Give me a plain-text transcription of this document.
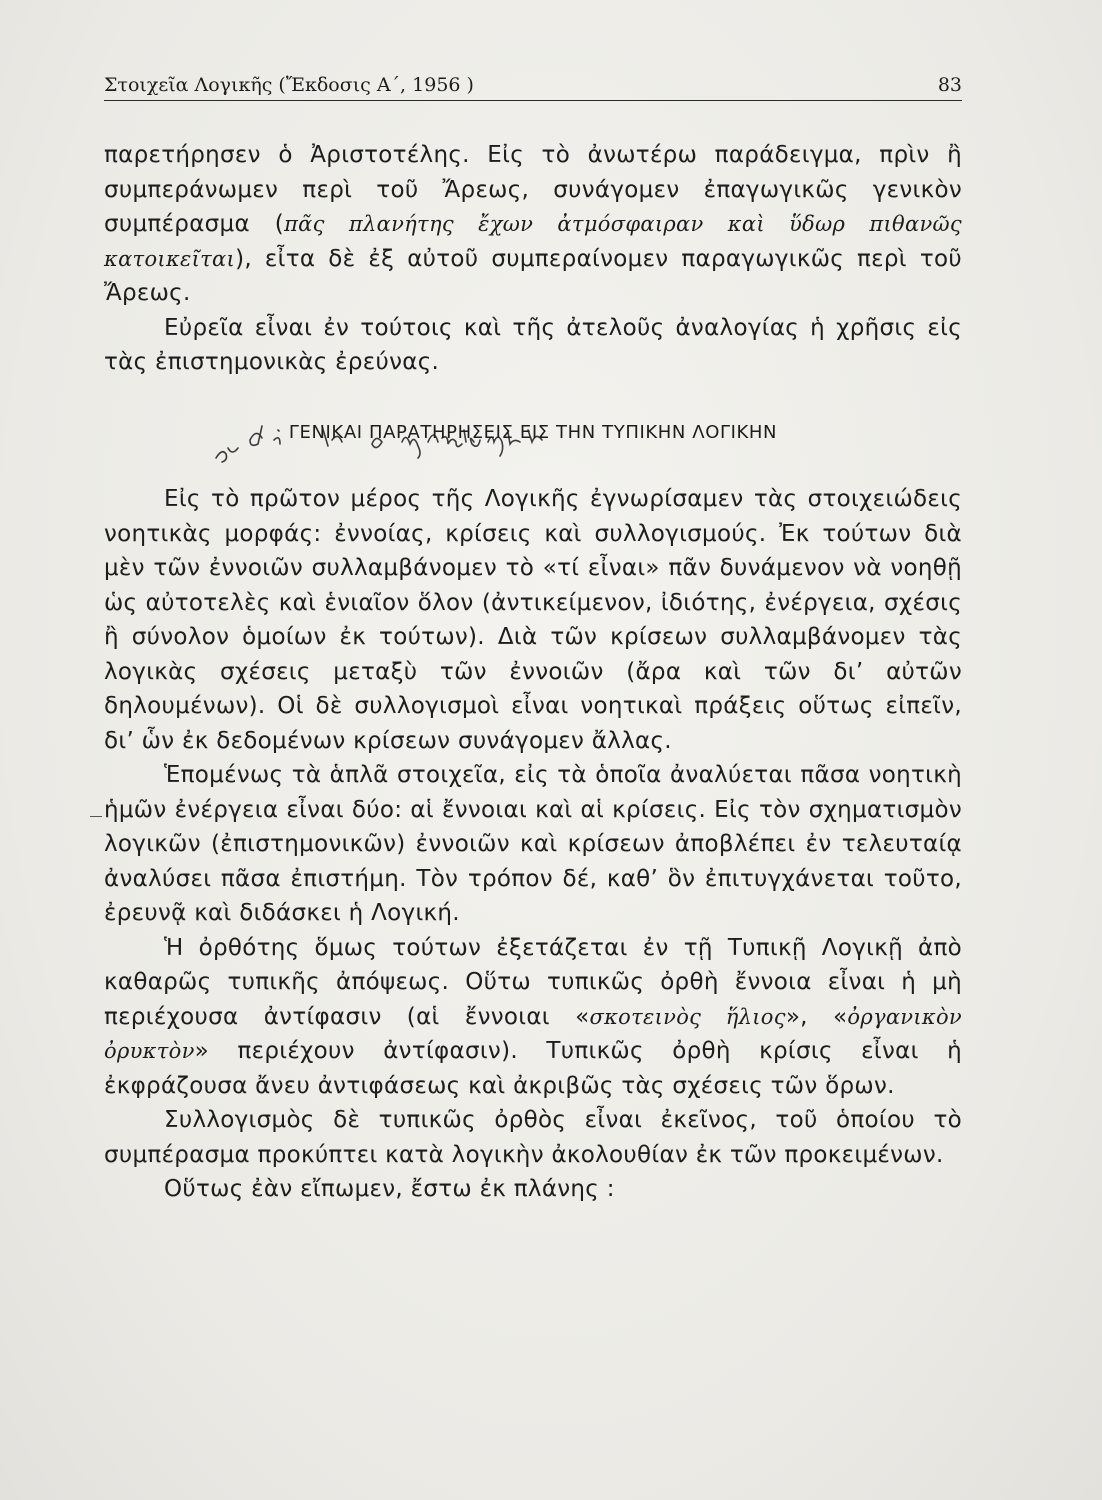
Στοιχεῖα Λογικῆς (Ἔκδοσις Α΄, 1956 )	83
διὰ τὸ ὀργανισμόν

παρετήρησεν ὁ Ἀριστοτέλης. Εἰς τὸ ἀνωτέρω παράδειγμα, πρὶν ἢ συμπεράνωμεν περὶ τοῦ Ἄρεως, συνάγομεν ἐπαγωγικῶς γενικὸν συμπέρασμα (πᾶς πλανήτης ἔχων ἀτμόσφαιραν καὶ ὕδωρ πιθανῶς κατοικεῖται), εἶτα δὲ ἐξ αὐτοῦ συμπεραίνομεν παραγωγικῶς περὶ τοῦ Ἄρεως.

Εὐρεῖα εἶναι ἐν τούτοις καὶ τῆς ἀτελοῦς ἀναλογίας ἡ χρῆσις εἰς τὰς ἐπιστημονικὰς ἐρεύνας.

ΓΕΝΙΚΑΙ ΠΑΡΑΤΗΡΗΣΕΙΣ ΕΙΣ ΤΗΝ ΤΥΠΙΚΗΝ ΛΟΓΙΚΗΝ

Εἰς τὸ πρῶτον μέρος τῆς Λογικῆς ἐγνωρίσαμεν τὰς στοιχειώδεις νοητικὰς μορφάς: ἐννοίας, κρίσεις καὶ συλλογισμούς. Ἐκ τούτων διὰ μὲν τῶν ἐννοιῶν συλλαμβάνομεν τὸ «τί εἶναι» πᾶν δυνάμενον νὰ νοηθῇ ὡς αὐτοτελὲς καὶ ἑνιαῖον ὅλον (ἀντικείμενον, ἰδιότης, ἐνέργεια, σχέσις ἢ σύνολον ὁμοίων ἐκ τούτων). Διὰ τῶν κρίσεων συλλαμβάνομεν τὰς λογικὰς σχέσεις μεταξὺ τῶν ἐννοιῶν (ἄρα καὶ τῶν δι’ αὐτῶν δηλουμένων). Οἱ δὲ συλλογισμοὶ εἶναι νοητικαὶ πράξεις οὕτως εἰπεῖν, δι’ ὧν ἐκ δεδομένων κρίσεων συνάγομεν ἄλλας.

Ἑπομένως τὰ ἁπλᾶ στοιχεῖα, εἰς τὰ ὁποῖα ἀναλύεται πᾶσα νοητικὴ ἡμῶν ἐνέργεια εἶναι δύο: αἱ ἔννοιαι καὶ αἱ κρίσεις. Εἰς τὸν σχηματισμὸν λογικῶν (ἐπιστημονικῶν) ἐννοιῶν καὶ κρίσεων ἀποβλέπει ἐν τελευταίᾳ ἀναλύσει πᾶσα ἐπιστήμη. Τὸν τρόπον δέ, καθ’ ὃν ἐπιτυγχάνεται τοῦτο, ἐρευνᾷ καὶ διδάσκει ἡ Λογική.

Ἡ ὀρθότης ὅμως τούτων ἐξετάζεται ἐν τῇ Τυπικῇ Λογικῇ ἀπὸ καθαρῶς τυπικῆς ἀπόψεως. Οὕτω τυπικῶς ὀρθὴ ἔννοια εἶναι ἡ μὴ περιέχουσα ἀντίφασιν (αἱ ἔννοιαι «σκοτεινὸς ἥλιος», «ὀργανικὸν ὀρυκτὸν» περιέχουν ἀντίφασιν). Τυπικῶς ὀρθὴ κρίσις εἶναι ἡ ἐκφράζουσα ἄνευ ἀντιφάσεως καὶ ἀκριβῶς τὰς σχέσεις τῶν ὅρων.

Συλλογισμὸς δὲ τυπικῶς ὀρθὸς εἶναι ἐκεῖνος, τοῦ ὁποίου τὸ συμπέρασμα προκύπτει κατὰ λογικὴν ἀκολουθίαν ἐκ τῶν προκειμένων.

Οὕτως ἐὰν εἴπωμεν, ἔστω ἐκ πλάνης :
